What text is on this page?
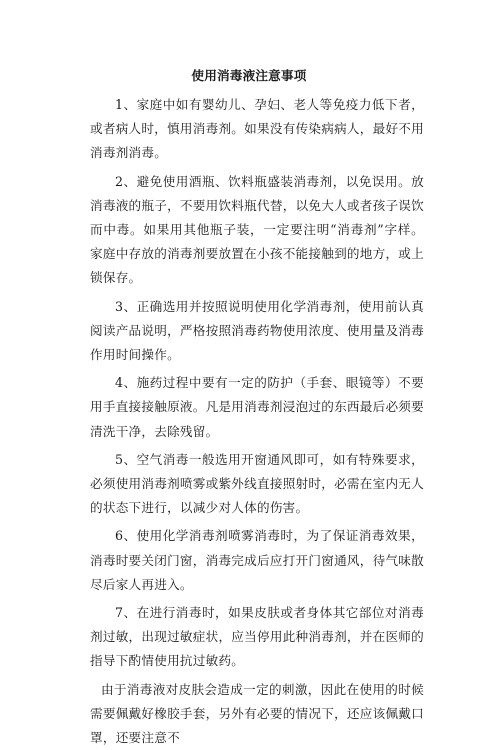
使用消毒液注意事项

1、家庭中如有婴幼儿、孕妇、老人等免疫力低下者，或者病人时，慎用消毒剂。如果没有传染病病人，最好不用消毒剂消毒。

2、避免使用酒瓶、饮料瓶盛装消毒剂，以免误用。放消毒液的瓶子，不要用饮料瓶代替，以免大人或者孩子误饮而中毒。如果用其他瓶子装，一定要注明“消毒剂”字样。家庭中存放的消毒剂要放置在小孩不能接触到的地方，或上锁保存。

3、正确选用并按照说明使用化学消毒剂，使用前认真阅读产品说明，严格按照消毒药物使用浓度、使用量及消毒作用时间操作。

4、施药过程中要有一定的防护（手套、眼镜等）不要用手直接接触原液。凡是用消毒剂浸泡过的东西最后必须要清洗干净，去除残留。

5、空气消毒一般选用开窗通风即可，如有特殊要求，必须使用消毒剂喷雾或紫外线直接照射时，必需在室内无人的状态下进行，以减少对人体的伤害。

6、使用化学消毒剂喷雾消毒时，为了保证消毒效果，消毒时要关闭门窗，消毒完成后应打开门窗通风，待气味散尽后家人再进入。

7、在进行消毒时，如果皮肤或者身体其它部位对消毒剂过敏，出现过敏症状，应当停用此种消毒剂，并在医师的指导下酌情使用抗过敏药。

由于消毒液对皮肤会造成一定的刺激，因此在使用的时候需要佩戴好橡胶手套，另外有必要的情况下，还应该佩戴口罩，还要注意不
